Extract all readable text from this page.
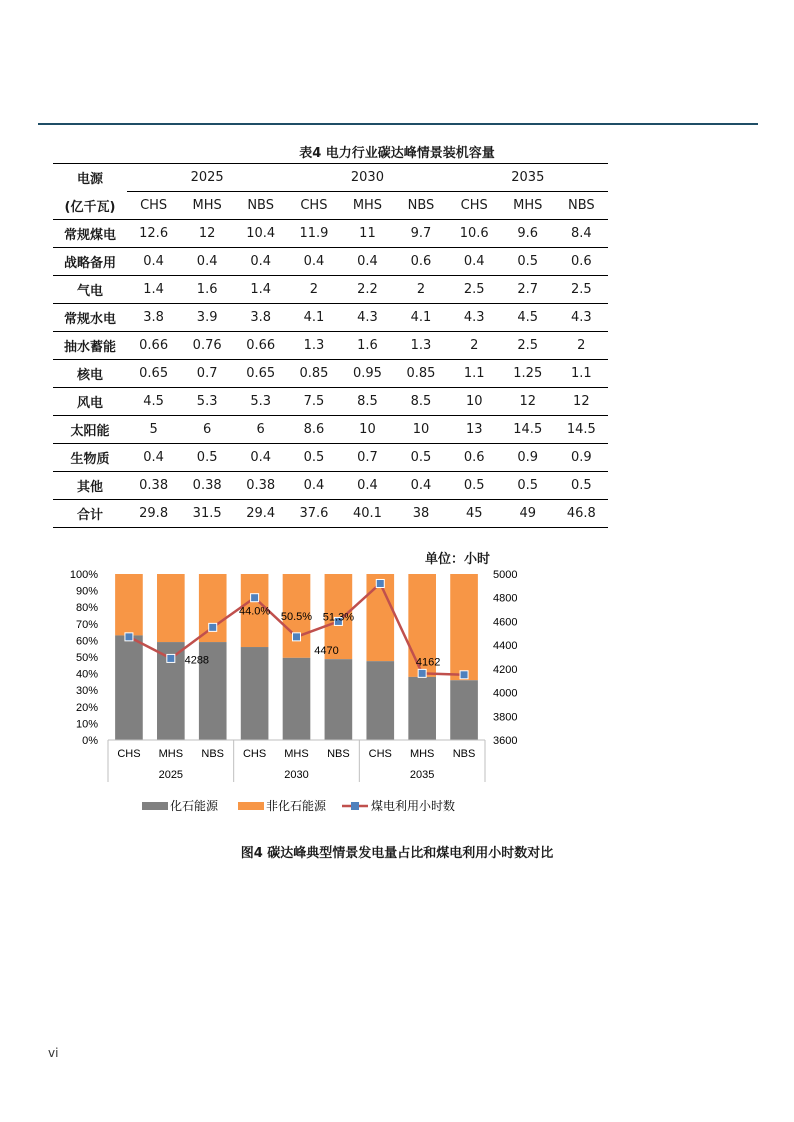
表4 电力行业碳达峰情景装机容量
电源	2025			2030			2035		
(亿千瓦)	CHS	MHS	NBS	CHS	MHS	NBS	CHS	MHS	NBS
常规煤电	12.6	12	10.4	11.9	11	9.7	10.6	9.6	8.4
战略备用	0.4	0.4	0.4	0.4	0.4	0.6	0.4	0.5	0.6
气电	1.4	1.6	1.4	2	2.2	2	2.5	2.7	2.5
常规水电	3.8	3.9	3.8	4.1	4.3	4.1	4.3	4.5	4.3
抽水蓄能	0.66	0.76	0.66	1.3	1.6	1.3	2	2.5	2
核电	0.65	0.7	0.65	0.85	0.95	0.85	1.1	1.25	1.1
风电	4.5	5.3	5.3	7.5	8.5	8.5	10	12	12
太阳能	5	6	6	8.6	10	10	13	14.5	14.5
生物质	0.4	0.5	0.4	0.5	0.7	0.5	0.6	0.9	0.9
其他	0.38	0.38	0.38	0.4	0.4	0.4	0.5	0.5	0.5
合计	29.8	31.5	29.4	37.6	40.1	38	45	49	46.8
单位：小时
0%
10%
20%
30%
40%
50%
60%
70%
80%
90%
100%
3600
3800
4000
4200
4400
4600
4800
5000
CHS MHS NBS CHS MHS NBS CHS MHS NBS
2025	2030	2035
44.0% 50.5% 51.3%
4288
4470
4162
化石能源	非化石能源	煤电利用小时数
图4 碳达峰典型情景发电量占比和煤电利用小时数对比
vi
